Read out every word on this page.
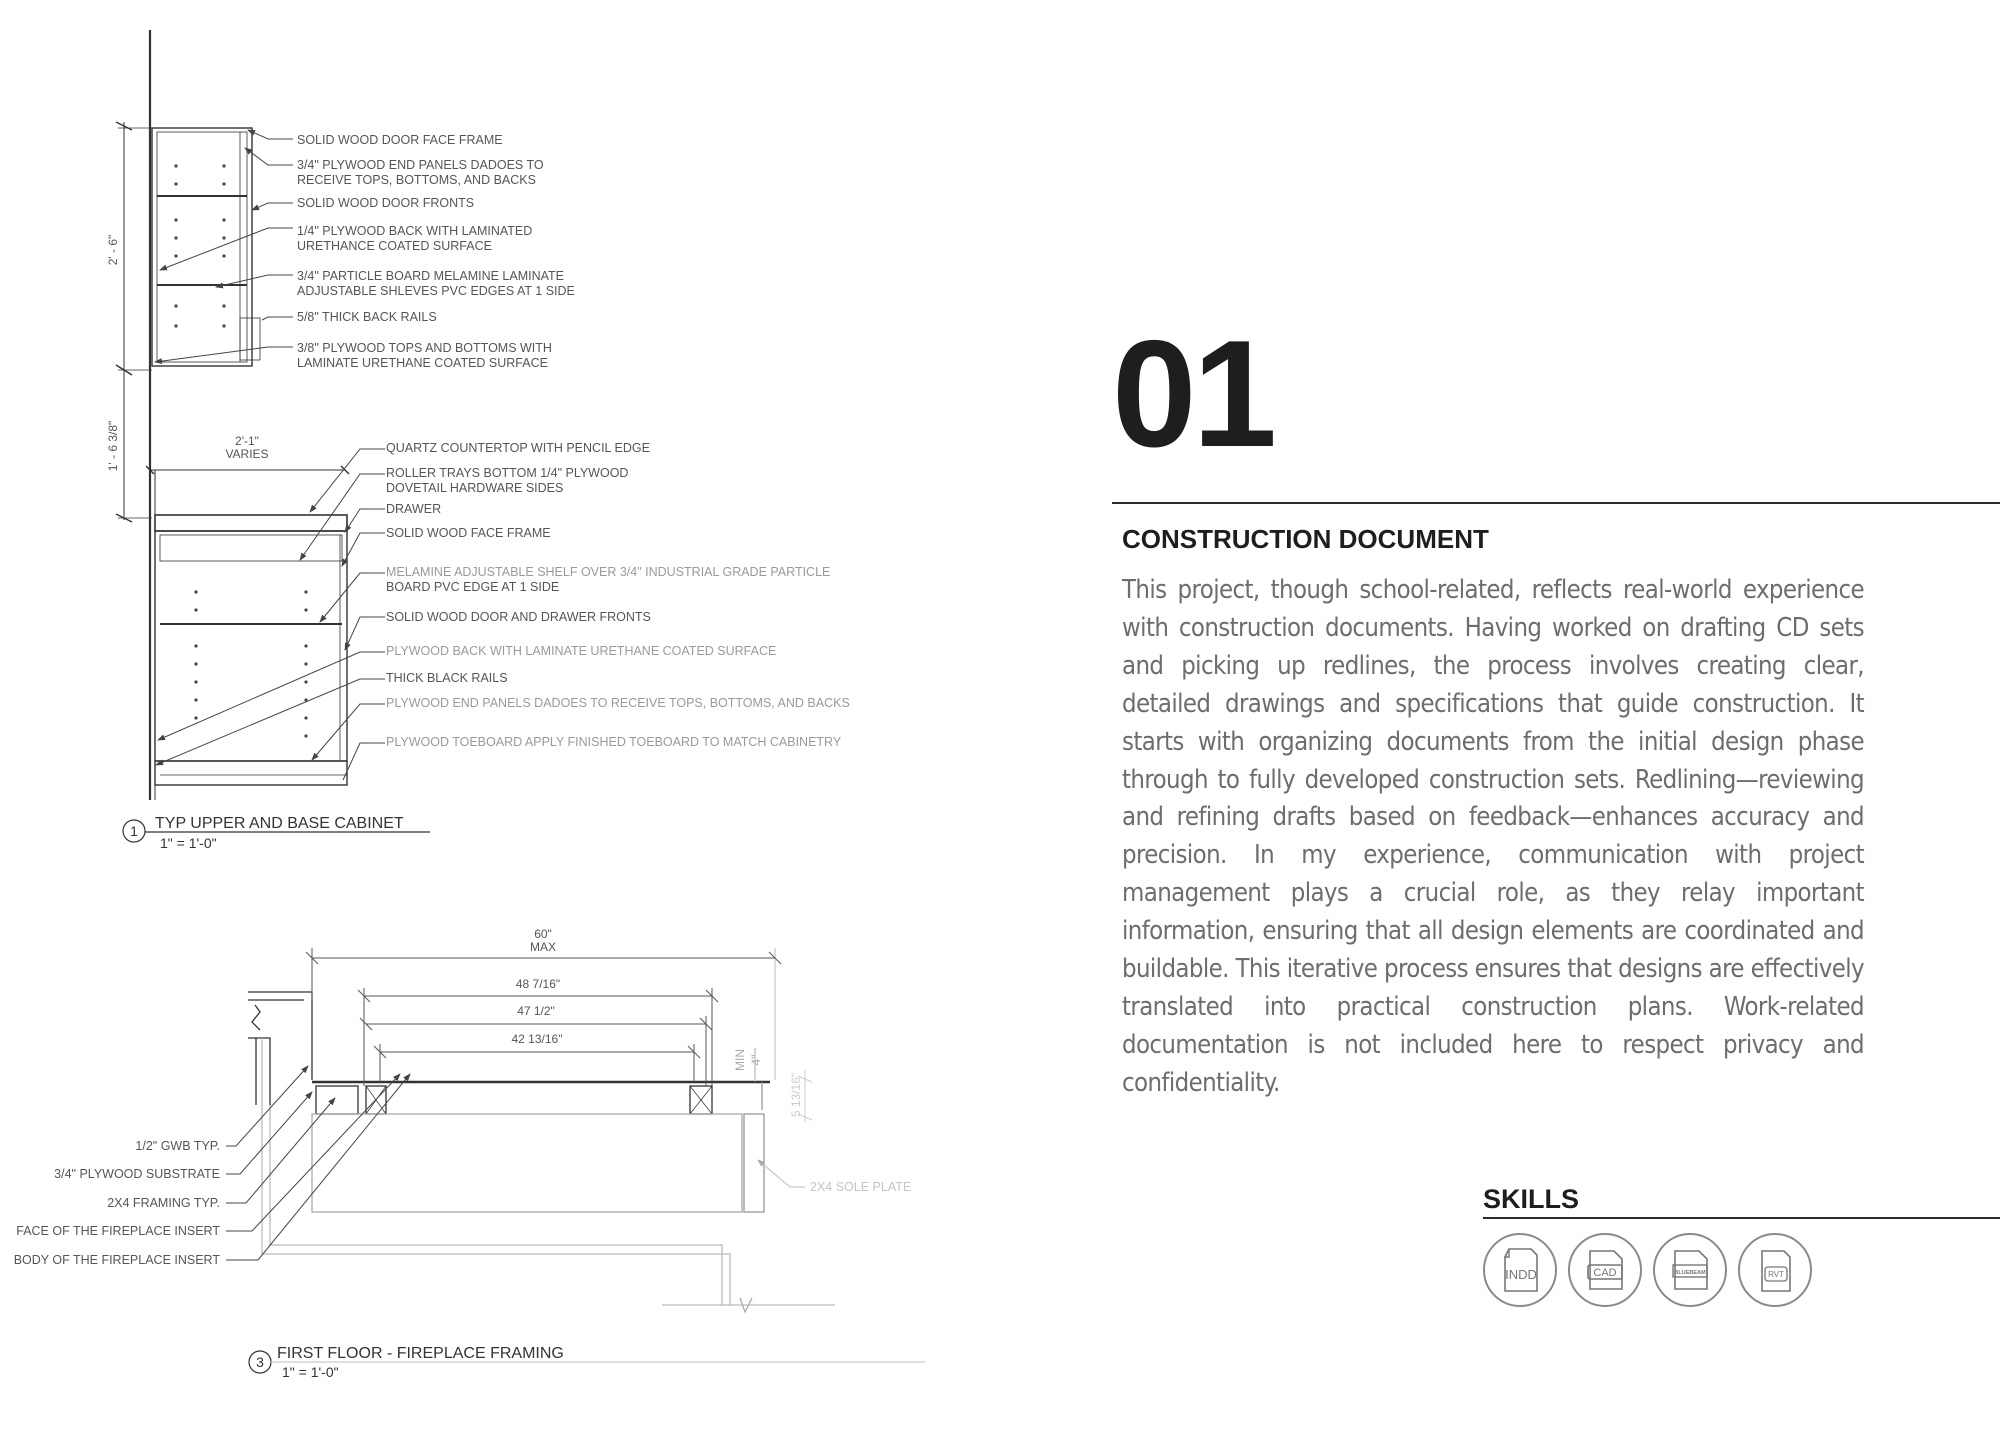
SOLID WOOD DOOR FACE FRAME
3/4" PLYWOOD END PANELS DADOES TO
RECEIVE TOPS, BOTTOMS, AND BACKS
SOLID WOOD DOOR FRONTS
1/4" PLYWOOD BACK WITH LAMINATED
URETHANCE COATED SURFACE
3/4" PARTICLE BOARD MELAMINE LAMINATE
ADJUSTABLE SHLEVES PVC EDGES AT 1 SIDE
5/8" THICK BACK RAILS
3/8" PLYWOOD TOPS AND BOTTOMS WITH
LAMINATE URETHANE COATED SURFACE
QUARTZ COUNTERTOP WITH PENCIL EDGE
ROLLER TRAYS BOTTOM 1/4" PLYWOOD
DOVETAIL HARDWARE SIDES
DRAWER
SOLID WOOD FACE FRAME
MELAMINE ADJUSTABLE SHELF OVER 3/4" INDUSTRIAL GRADE PARTICLE
BOARD PVC EDGE AT 1 SIDE
SOLID WOOD DOOR AND DRAWER FRONTS
PLYWOOD BACK WITH LAMINATE URETHANE COATED SURFACE
THICK BLACK RAILS
PLYWOOD END PANELS DADOES TO RECEIVE TOPS, BOTTOMS, AND BACKS
PLYWOOD TOEBOARD APPLY FINISHED TOEBOARD TO MATCH CABINETRY
2' - 6"
1' - 6 3/8"	2'-1"
VARIES
1 TYP UPPER AND BASE CABINET
1" = 1'-0"
60"
MAX
48 7/16"
47 1/2"
42 13/16"
MIN 4"
5 13/16"
1/2" GWB TYP.
3/4" PLYWOOD SUBSTRATE
2X4 FRAMING TYP.
FACE OF THE FIREPLACE INSERT
BODY OF THE FIREPLACE INSERT
2X4 SOLE PLATE
3 FIRST FLOOR - FIREPLACE FRAMING
1" = 1'-0"
01
CONSTRUCTION DOCUMENT

This project, though school-related, reflects real-world experience with construction documents. Having worked on drafting CD sets and picking up redlines, the process involves creating clear, detailed drawings and specifications that guide construction. It starts with organizing documents from the initial design phase through to fully developed construction sets. Redlining—reviewing and refining drafts based on feedback—enhances accuracy and precision. In my experience, communication with project management plays a crucial role, as they relay important information, ensuring that all design elements are coordinated and buildable. This iterative process ensures that designs are effectively translated into practical construction plans. Work-related documentation is not included here to respect privacy and confidentiality.

SKILLS
INDD	CAD	BLUEBEAM	RVT
